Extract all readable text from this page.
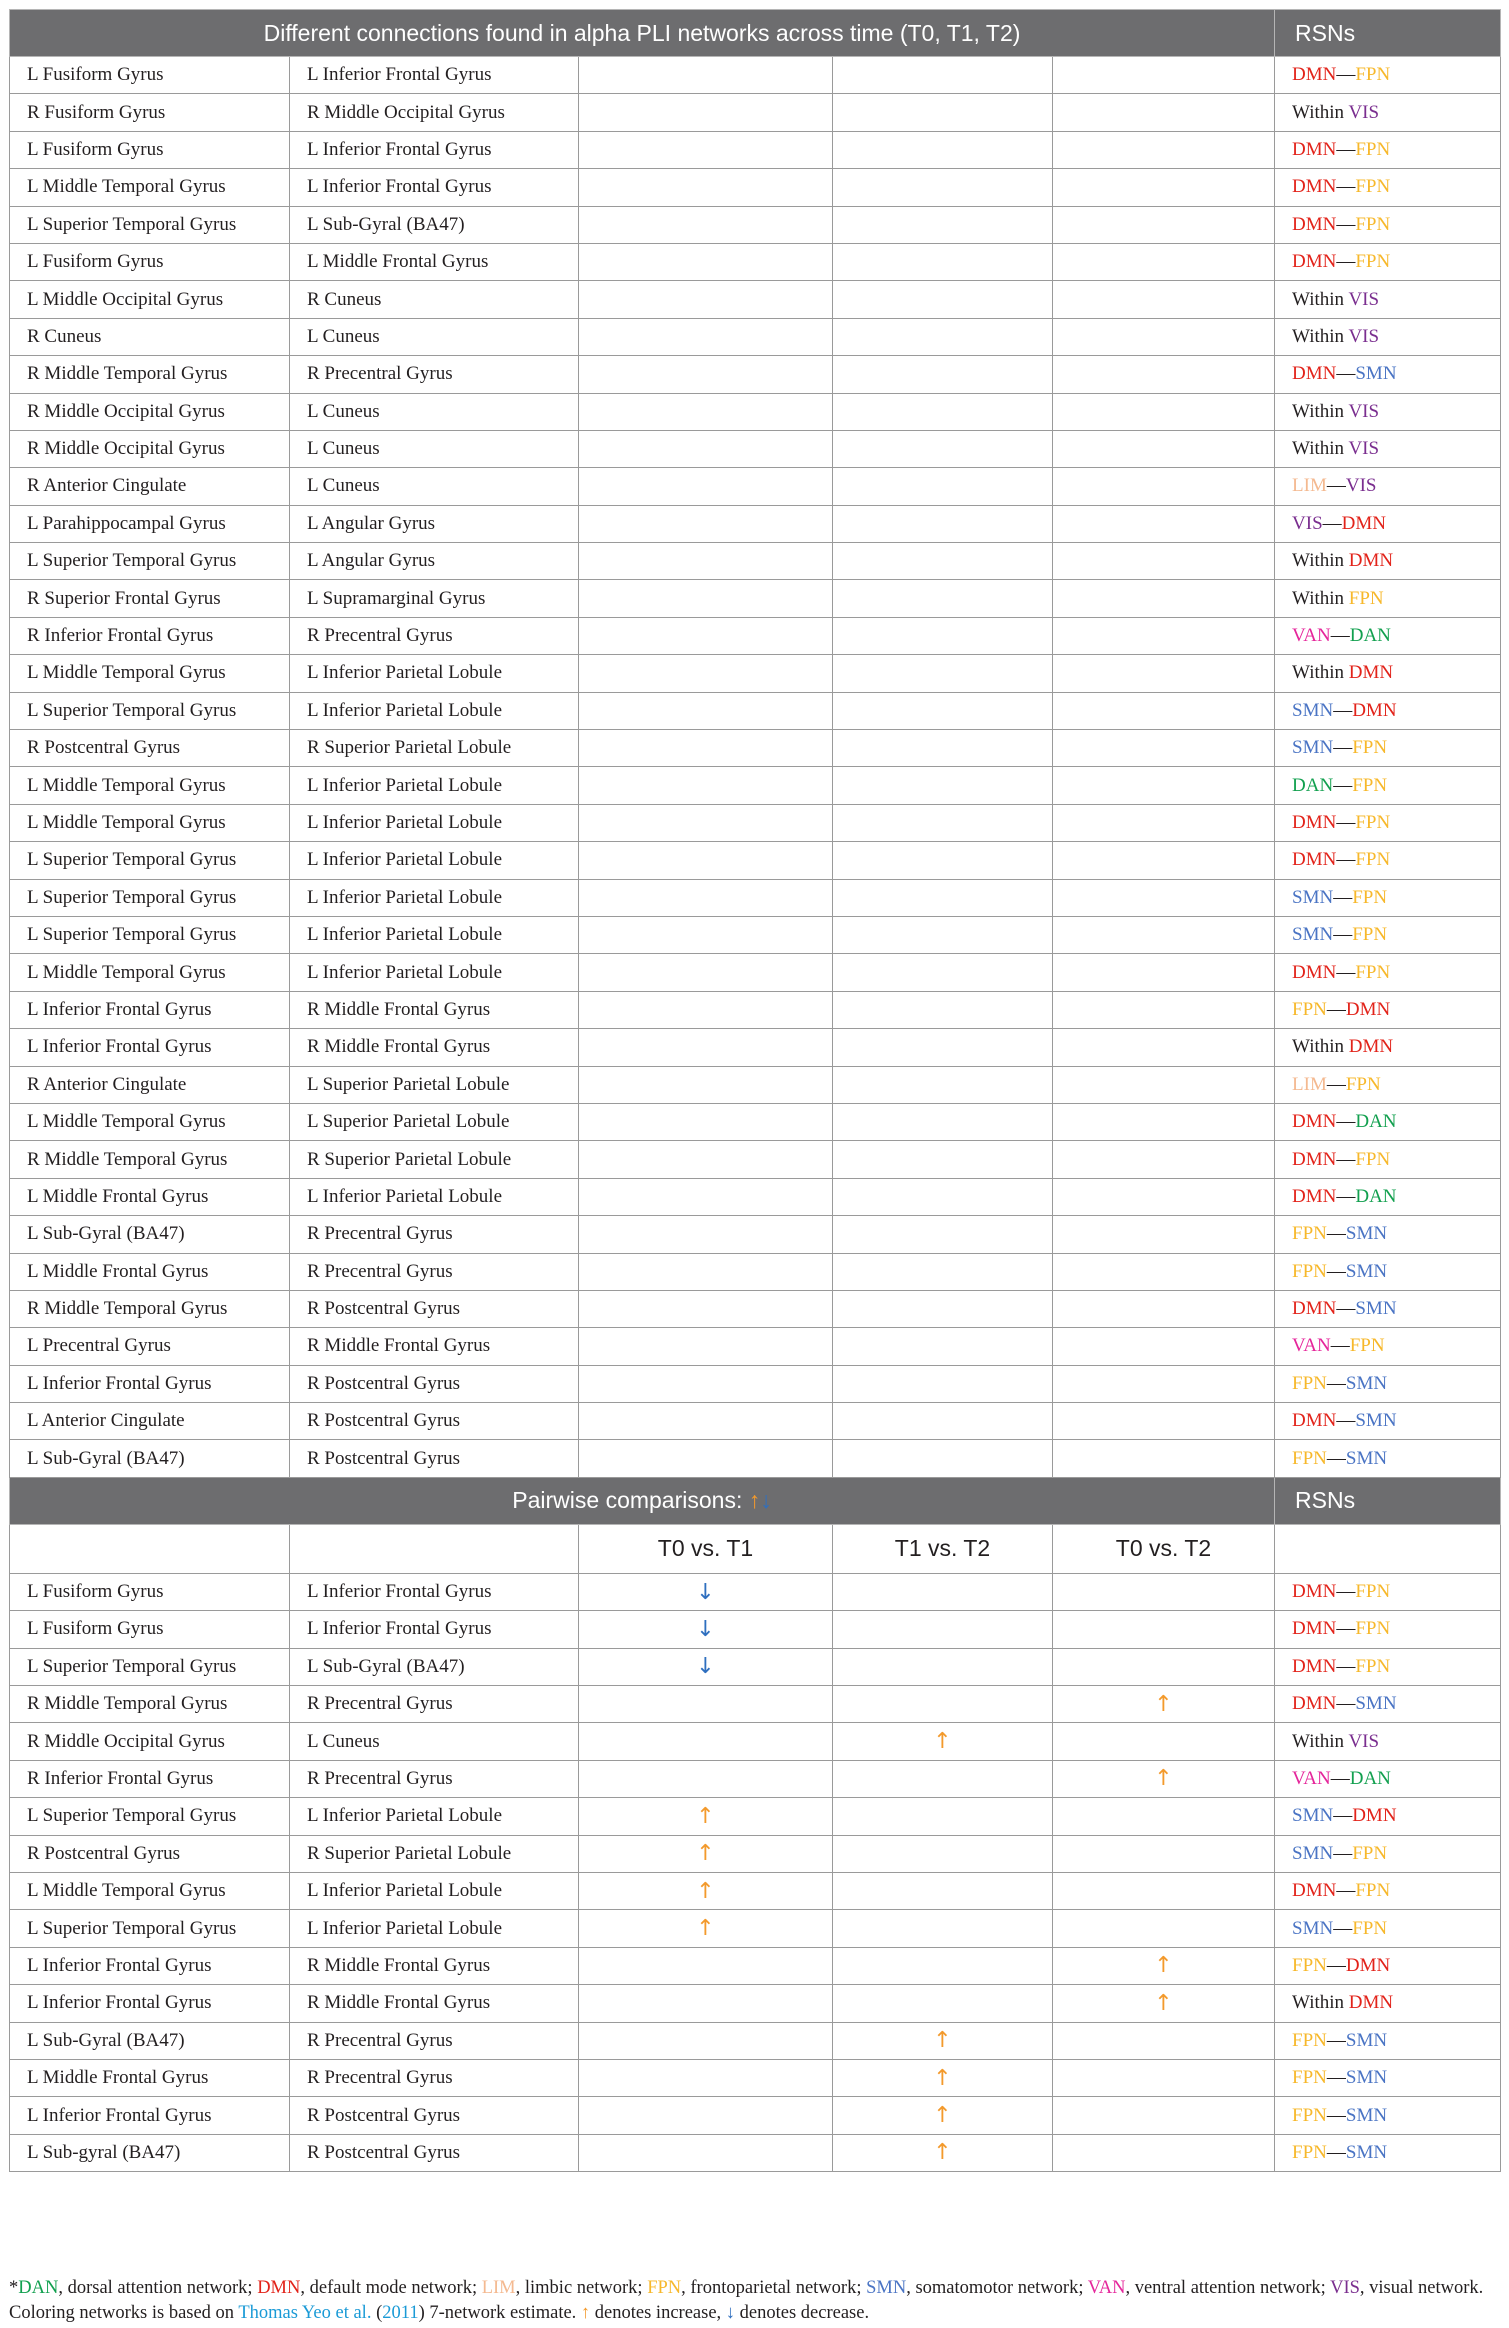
Different connections found in alpha PLI networks across time (T0, T1, T2)					RSNs
L Fusiform Gyrus	L Inferior Frontal Gyrus				DMN—FPN
R Fusiform Gyrus	R Middle Occipital Gyrus				Within VIS
L Fusiform Gyrus	L Inferior Frontal Gyrus				DMN—FPN
L Middle Temporal Gyrus	L Inferior Frontal Gyrus				DMN—FPN
L Superior Temporal Gyrus	L Sub-Gyral (BA47)				DMN—FPN
L Fusiform Gyrus	L Middle Frontal Gyrus				DMN—FPN
L Middle Occipital Gyrus	R Cuneus				Within VIS
R Cuneus	L Cuneus				Within VIS
R Middle Temporal Gyrus	R Precentral Gyrus				DMN—SMN
R Middle Occipital Gyrus	L Cuneus				Within VIS
R Middle Occipital Gyrus	L Cuneus				Within VIS
R Anterior Cingulate	L Cuneus				LIM—VIS
L Parahippocampal Gyrus	L Angular Gyrus				VIS—DMN
L Superior Temporal Gyrus	L Angular Gyrus				Within DMN
R Superior Frontal Gyrus	L Supramarginal Gyrus				Within FPN
R Inferior Frontal Gyrus	R Precentral Gyrus				VAN—DAN
L Middle Temporal Gyrus	L Inferior Parietal Lobule				Within DMN
L Superior Temporal Gyrus	L Inferior Parietal Lobule				SMN—DMN
R Postcentral Gyrus	R Superior Parietal Lobule				SMN—FPN
L Middle Temporal Gyrus	L Inferior Parietal Lobule				DAN—FPN
L Middle Temporal Gyrus	L Inferior Parietal Lobule				DMN—FPN
L Superior Temporal Gyrus	L Inferior Parietal Lobule				DMN—FPN
L Superior Temporal Gyrus	L Inferior Parietal Lobule				SMN—FPN
L Superior Temporal Gyrus	L Inferior Parietal Lobule				SMN—FPN
L Middle Temporal Gyrus	L Inferior Parietal Lobule				DMN—FPN
L Inferior Frontal Gyrus	R Middle Frontal Gyrus				FPN—DMN
L Inferior Frontal Gyrus	R Middle Frontal Gyrus				Within DMN
R Anterior Cingulate	L Superior Parietal Lobule				LIM—FPN
L Middle Temporal Gyrus	L Superior Parietal Lobule				DMN—DAN
R Middle Temporal Gyrus	R Superior Parietal Lobule				DMN—FPN
L Middle Frontal Gyrus	L Inferior Parietal Lobule				DMN—DAN
L Sub-Gyral (BA47)	R Precentral Gyrus				FPN—SMN
L Middle Frontal Gyrus	R Precentral Gyrus				FPN—SMN
R Middle Temporal Gyrus	R Postcentral Gyrus				DMN—SMN
L Precentral Gyrus	R Middle Frontal Gyrus				VAN—FPN
L Inferior Frontal Gyrus	R Postcentral Gyrus				FPN—SMN
L Anterior Cingulate	R Postcentral Gyrus				DMN—SMN
L Sub-Gyral (BA47)	R Postcentral Gyrus				FPN—SMN
Pairwise comparisons: ↑↓					RSNs
		T0 vs. T1	T1 vs. T2	T0 vs. T2	
L Fusiform Gyrus	L Inferior Frontal Gyrus	↓			DMN—FPN
L Fusiform Gyrus	L Inferior Frontal Gyrus	↓			DMN—FPN
L Superior Temporal Gyrus	L Sub-Gyral (BA47)	↓			DMN—FPN
R Middle Temporal Gyrus	R Precentral Gyrus			↑	DMN—SMN
R Middle Occipital Gyrus	L Cuneus		↑		Within VIS
R Inferior Frontal Gyrus	R Precentral Gyrus			↑	VAN—DAN
L Superior Temporal Gyrus	L Inferior Parietal Lobule	↑			SMN—DMN
R Postcentral Gyrus	R Superior Parietal Lobule	↑			SMN—FPN
L Middle Temporal Gyrus	L Inferior Parietal Lobule	↑			DMN—FPN
L Superior Temporal Gyrus	L Inferior Parietal Lobule	↑			SMN—FPN
L Inferior Frontal Gyrus	R Middle Frontal Gyrus			↑	FPN—DMN
L Inferior Frontal Gyrus	R Middle Frontal Gyrus			↑	Within DMN
L Sub-Gyral (BA47)	R Precentral Gyrus		↑		FPN—SMN
L Middle Frontal Gyrus	R Precentral Gyrus		↑		FPN—SMN
L Inferior Frontal Gyrus	R Postcentral Gyrus		↑		FPN—SMN
L Sub-gyral (BA47)	R Postcentral Gyrus		↑		FPN—SMN
*DAN, dorsal attention network; DMN, default mode network; LIM, limbic network; FPN, frontoparietal network; SMN, somatomotor network; VAN, ventral attention network; VIS, visual network. Coloring networks is based on Thomas Yeo et al. (2011) 7-network estimate. ↑ denotes increase, ↓ denotes decrease.
